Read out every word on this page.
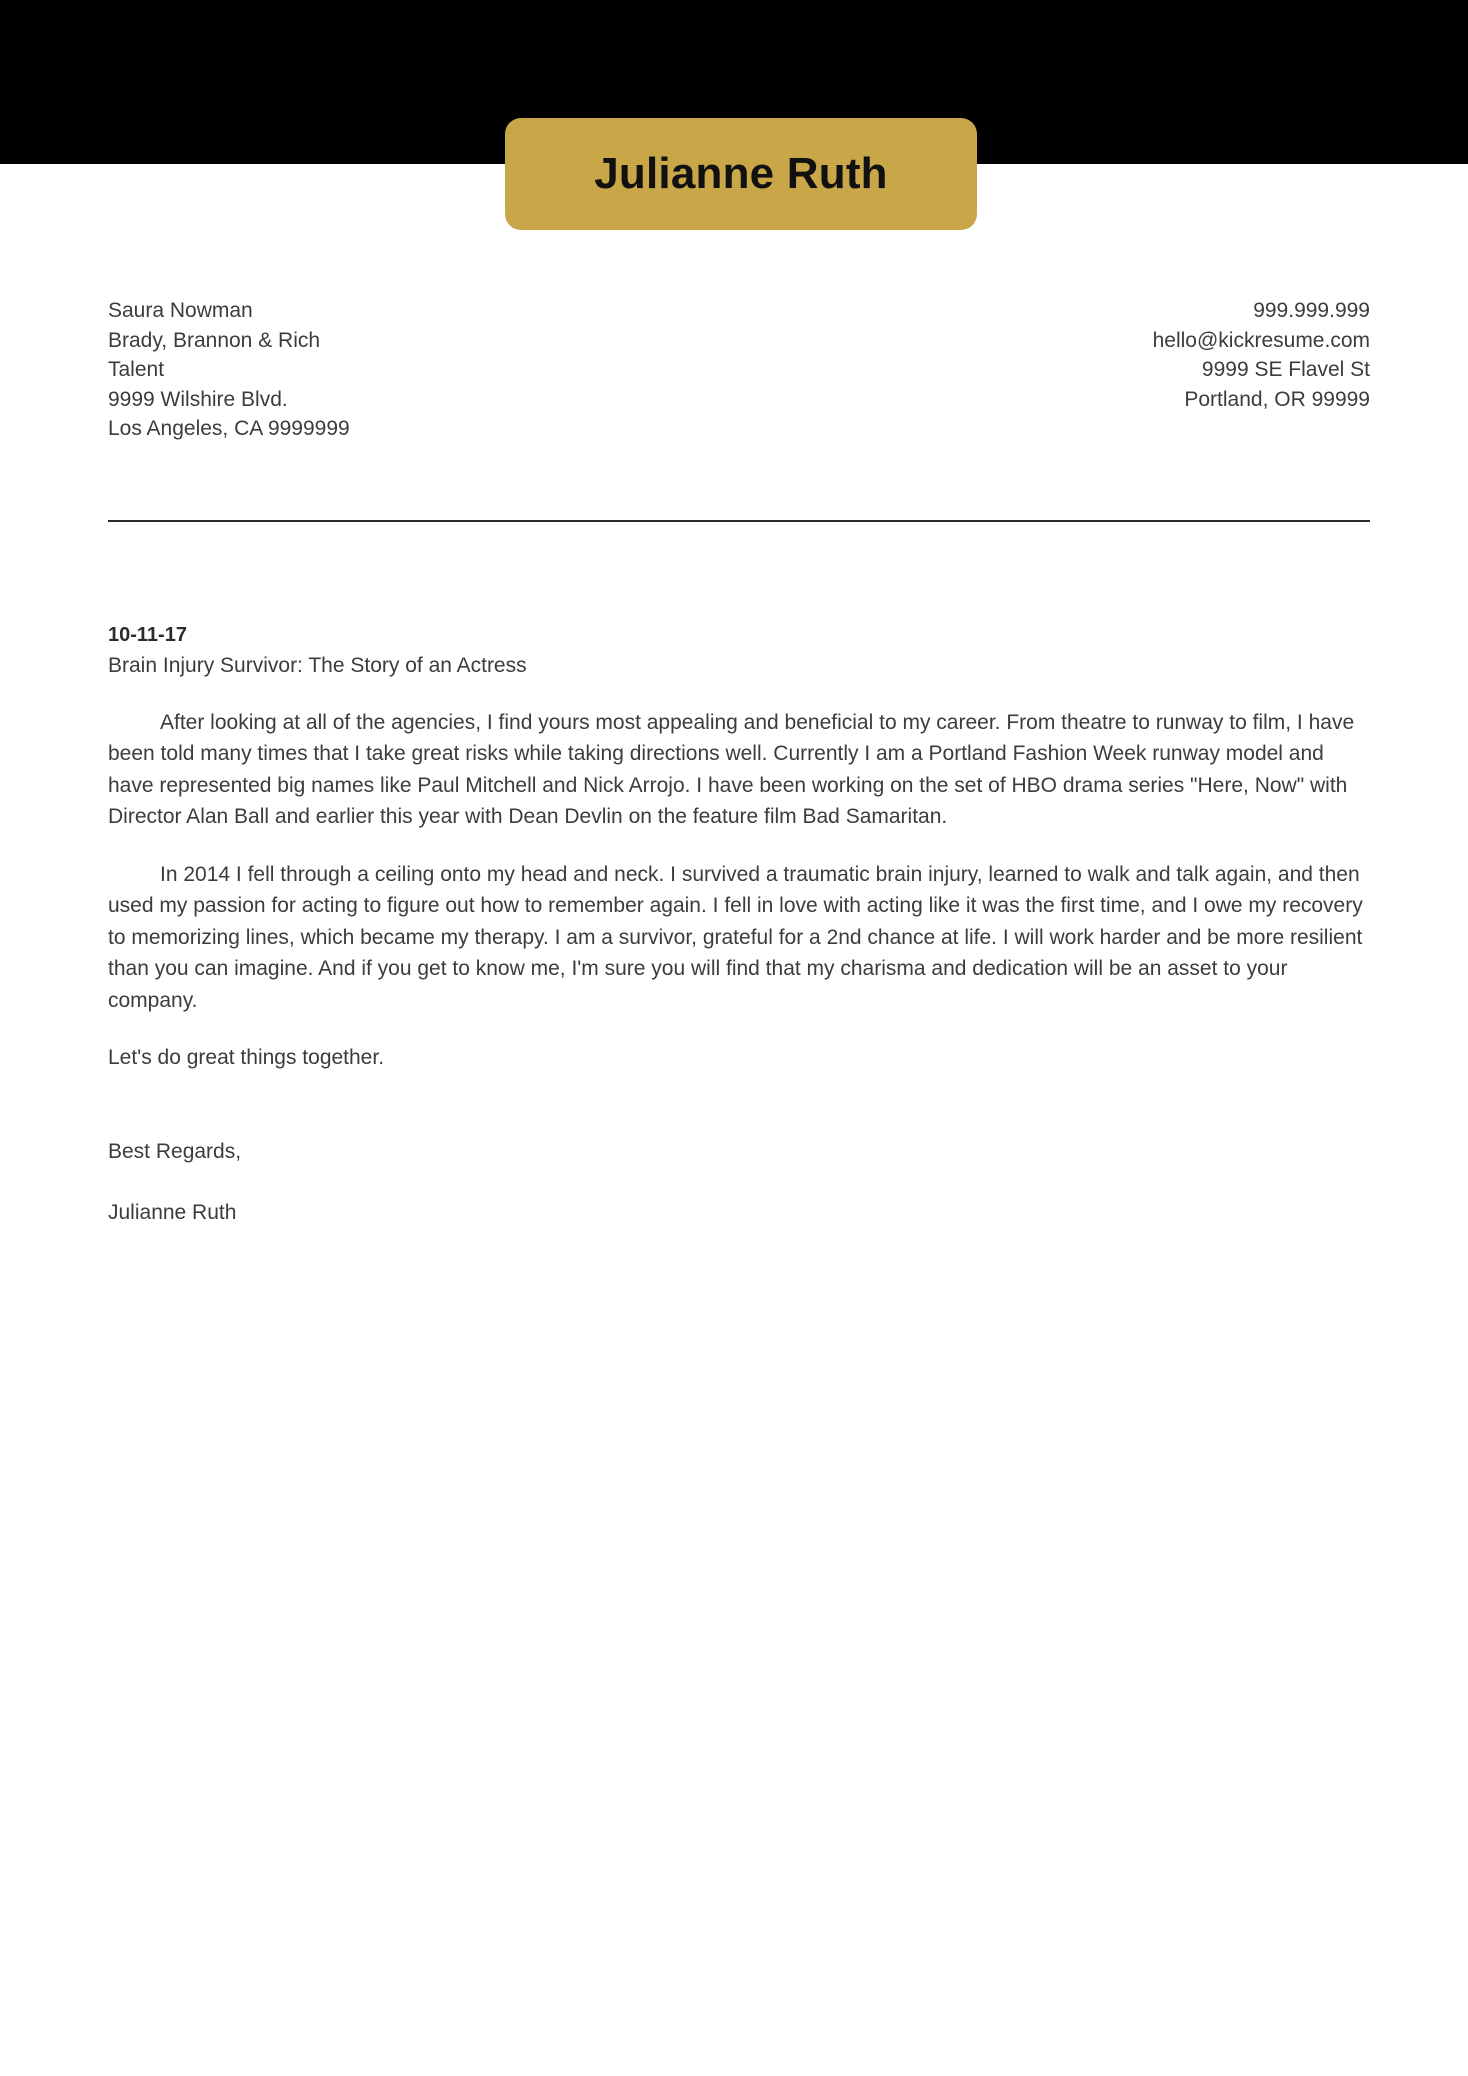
Julianne Ruth
Saura Nowman
Brady, Brannon & Rich
Talent
9999 Wilshire Blvd.
Los Angeles, CA 9999999
999.999.999
hello@kickresume.com
9999 SE Flavel St
Portland, OR 99999
10-11-17
Brain Injury Survivor: The Story of an Actress

After looking at all of the agencies, I find yours most appealing and beneficial to my career. From theatre to runway to film, I have been told many times that I take great risks while taking directions well. Currently I am a Portland Fashion Week runway model and have represented big names like Paul Mitchell and Nick Arrojo. I have been working on the set of HBO drama series "Here, Now" with Director Alan Ball and earlier this year with Dean Devlin on the feature film Bad Samaritan.

In 2014 I fell through a ceiling onto my head and neck. I survived a traumatic brain injury, learned to walk and talk again, and then used my passion for acting to figure out how to remember again. I fell in love with acting like it was the first time, and I owe my recovery to memorizing lines, which became my therapy. I am a survivor, grateful for a 2nd chance at life. I will work harder and be more resilient than you can imagine. And if you get to know me, I'm sure you will find that my charisma and dedication will be an asset to your company.

Let's do great things together.

Best Regards,

Julianne Ruth
